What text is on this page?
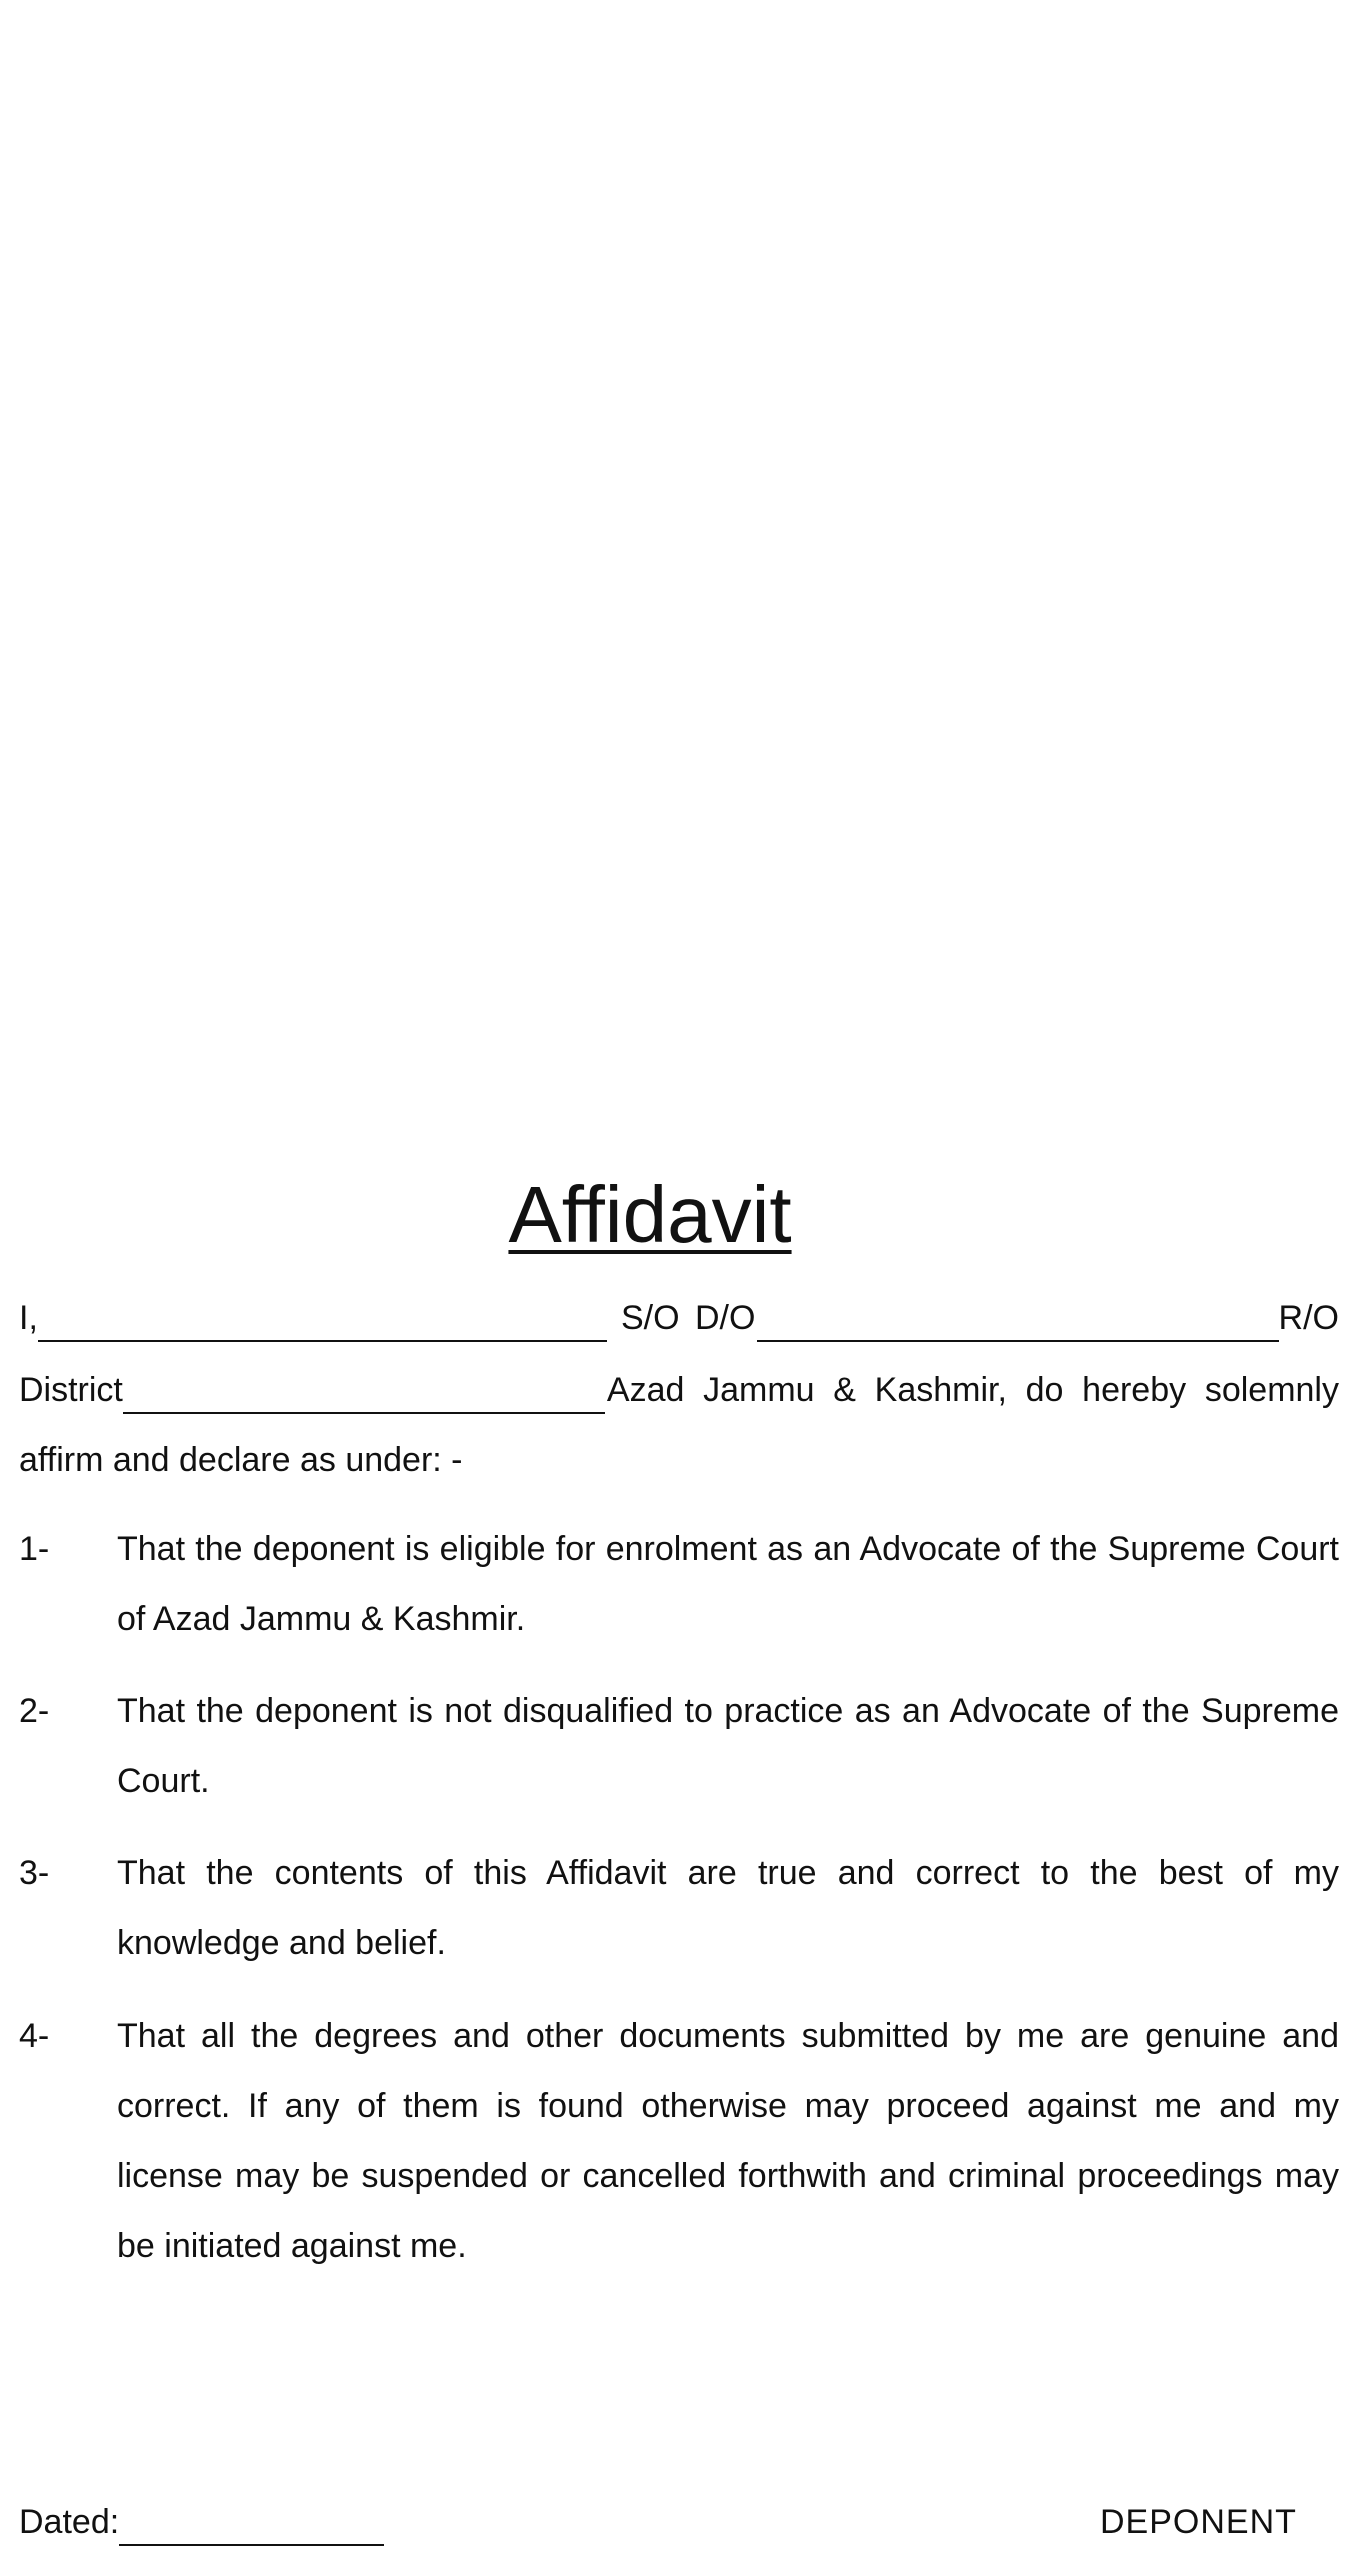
Affidavit
I,	S/O D/O	R/O
District	Azad Jammu & Kashmir, do hereby solemnly
affirm and declare as under: -
1-	That the deponent is eligible for enrolment as an Advocate of the Supreme Court of Azad Jammu & Kashmir.
2-	That the deponent is not disqualified to practice as an Advocate of the Supreme Court.
3-	That the contents of this Affidavit are true and correct to the best of my knowledge and belief.
4-	That all the degrees and other documents submitted by me are genuine and correct. If any of them is found otherwise may proceed against me and my license may be suspended or cancelled forthwith and criminal proceedings may be initiated against me.
Dated:	DEPONENT
